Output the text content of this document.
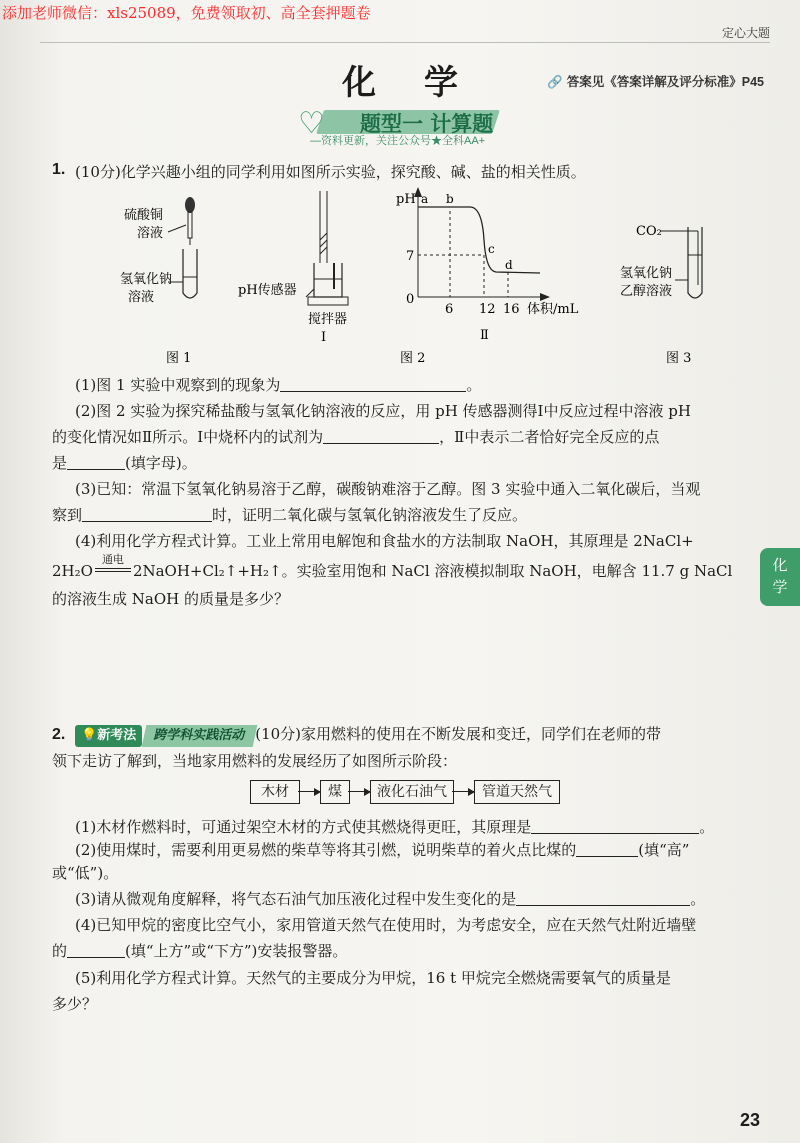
添加老师微信：xls25089，免费领取初、高全套押题卷
定心大题
化学	🔗 答案见《答案详解及评分标准》P45
♡ 题型一 计算题
—资料更新，关注公众号★全科AA+
1. (10分)化学兴趣小组的同学利用如图所示实验，探究酸、碱、盐的相关性质。
硫酸铜
溶液
氢氧化钠
溶液
图 1
pH传感器
搅拌器
Ⅰ
pH
7
0
6 12 16 体积/mL
a b
c
d
Ⅱ
图 2
CO₂
氢氧化钠
乙醇溶液
图 3
(1)图 1 实验中观察到的现象为	。
(2)图 2 实验为探究稀盐酸与氢氧化钠溶液的反应，用 pH 传感器测得Ⅰ中反应过程中溶液 pH
的变化情况如Ⅱ所示。Ⅰ中烧杯内的试剂为	，Ⅱ中表示二者恰好完全反应的点
是	(填字母)。
(3)已知：常温下氢氧化钠易溶于乙醇，碳酸钠难溶于乙醇。图 3 实验中通入二氧化碳后，当观
察到	时，证明二氧化碳与氢氧化钠溶液发生了反应。
(4)利用化学方程式计算。工业上常用电解饱和食盐水的方法制取 NaOH，其原理是 2NaCl+
2H₂O
通电
2NaOH+Cl₂↑+H₂↑。实验室用饱和 NaCl 溶液模拟制取 NaOH，电解含 11.7 g NaCl
的溶液生成 NaOH 的质量是多少？
2.	💡新考法 跨学科实践活动 (10分)家用燃料的使用在不断发展和变迁，同学们在老师的带
领下走访了解到，当地家用燃料的发展经历了如图所示阶段：
木材	煤	液化石油气	管道天然气
(1)木材作燃料时，可通过架空木材的方式使其燃烧得更旺，其原理是	。
(2)使用煤时，需要利用更易燃的柴草等将其引燃，说明柴草的着火点比煤的	(填“高”
或“低”)。
(3)请从微观角度解释，将气态石油气加压液化过程中发生变化的是	。
(4)已知甲烷的密度比空气小，家用管道天然气在使用时，为考虑安全，应在天然气灶附近墙壁
的	(填“上方”或“下方”)安装报警器。
(5)利用化学方程式计算。天然气的主要成分为甲烷，16 t 甲烷完全燃烧需要氧气的质量是
多少？
化
学
23
